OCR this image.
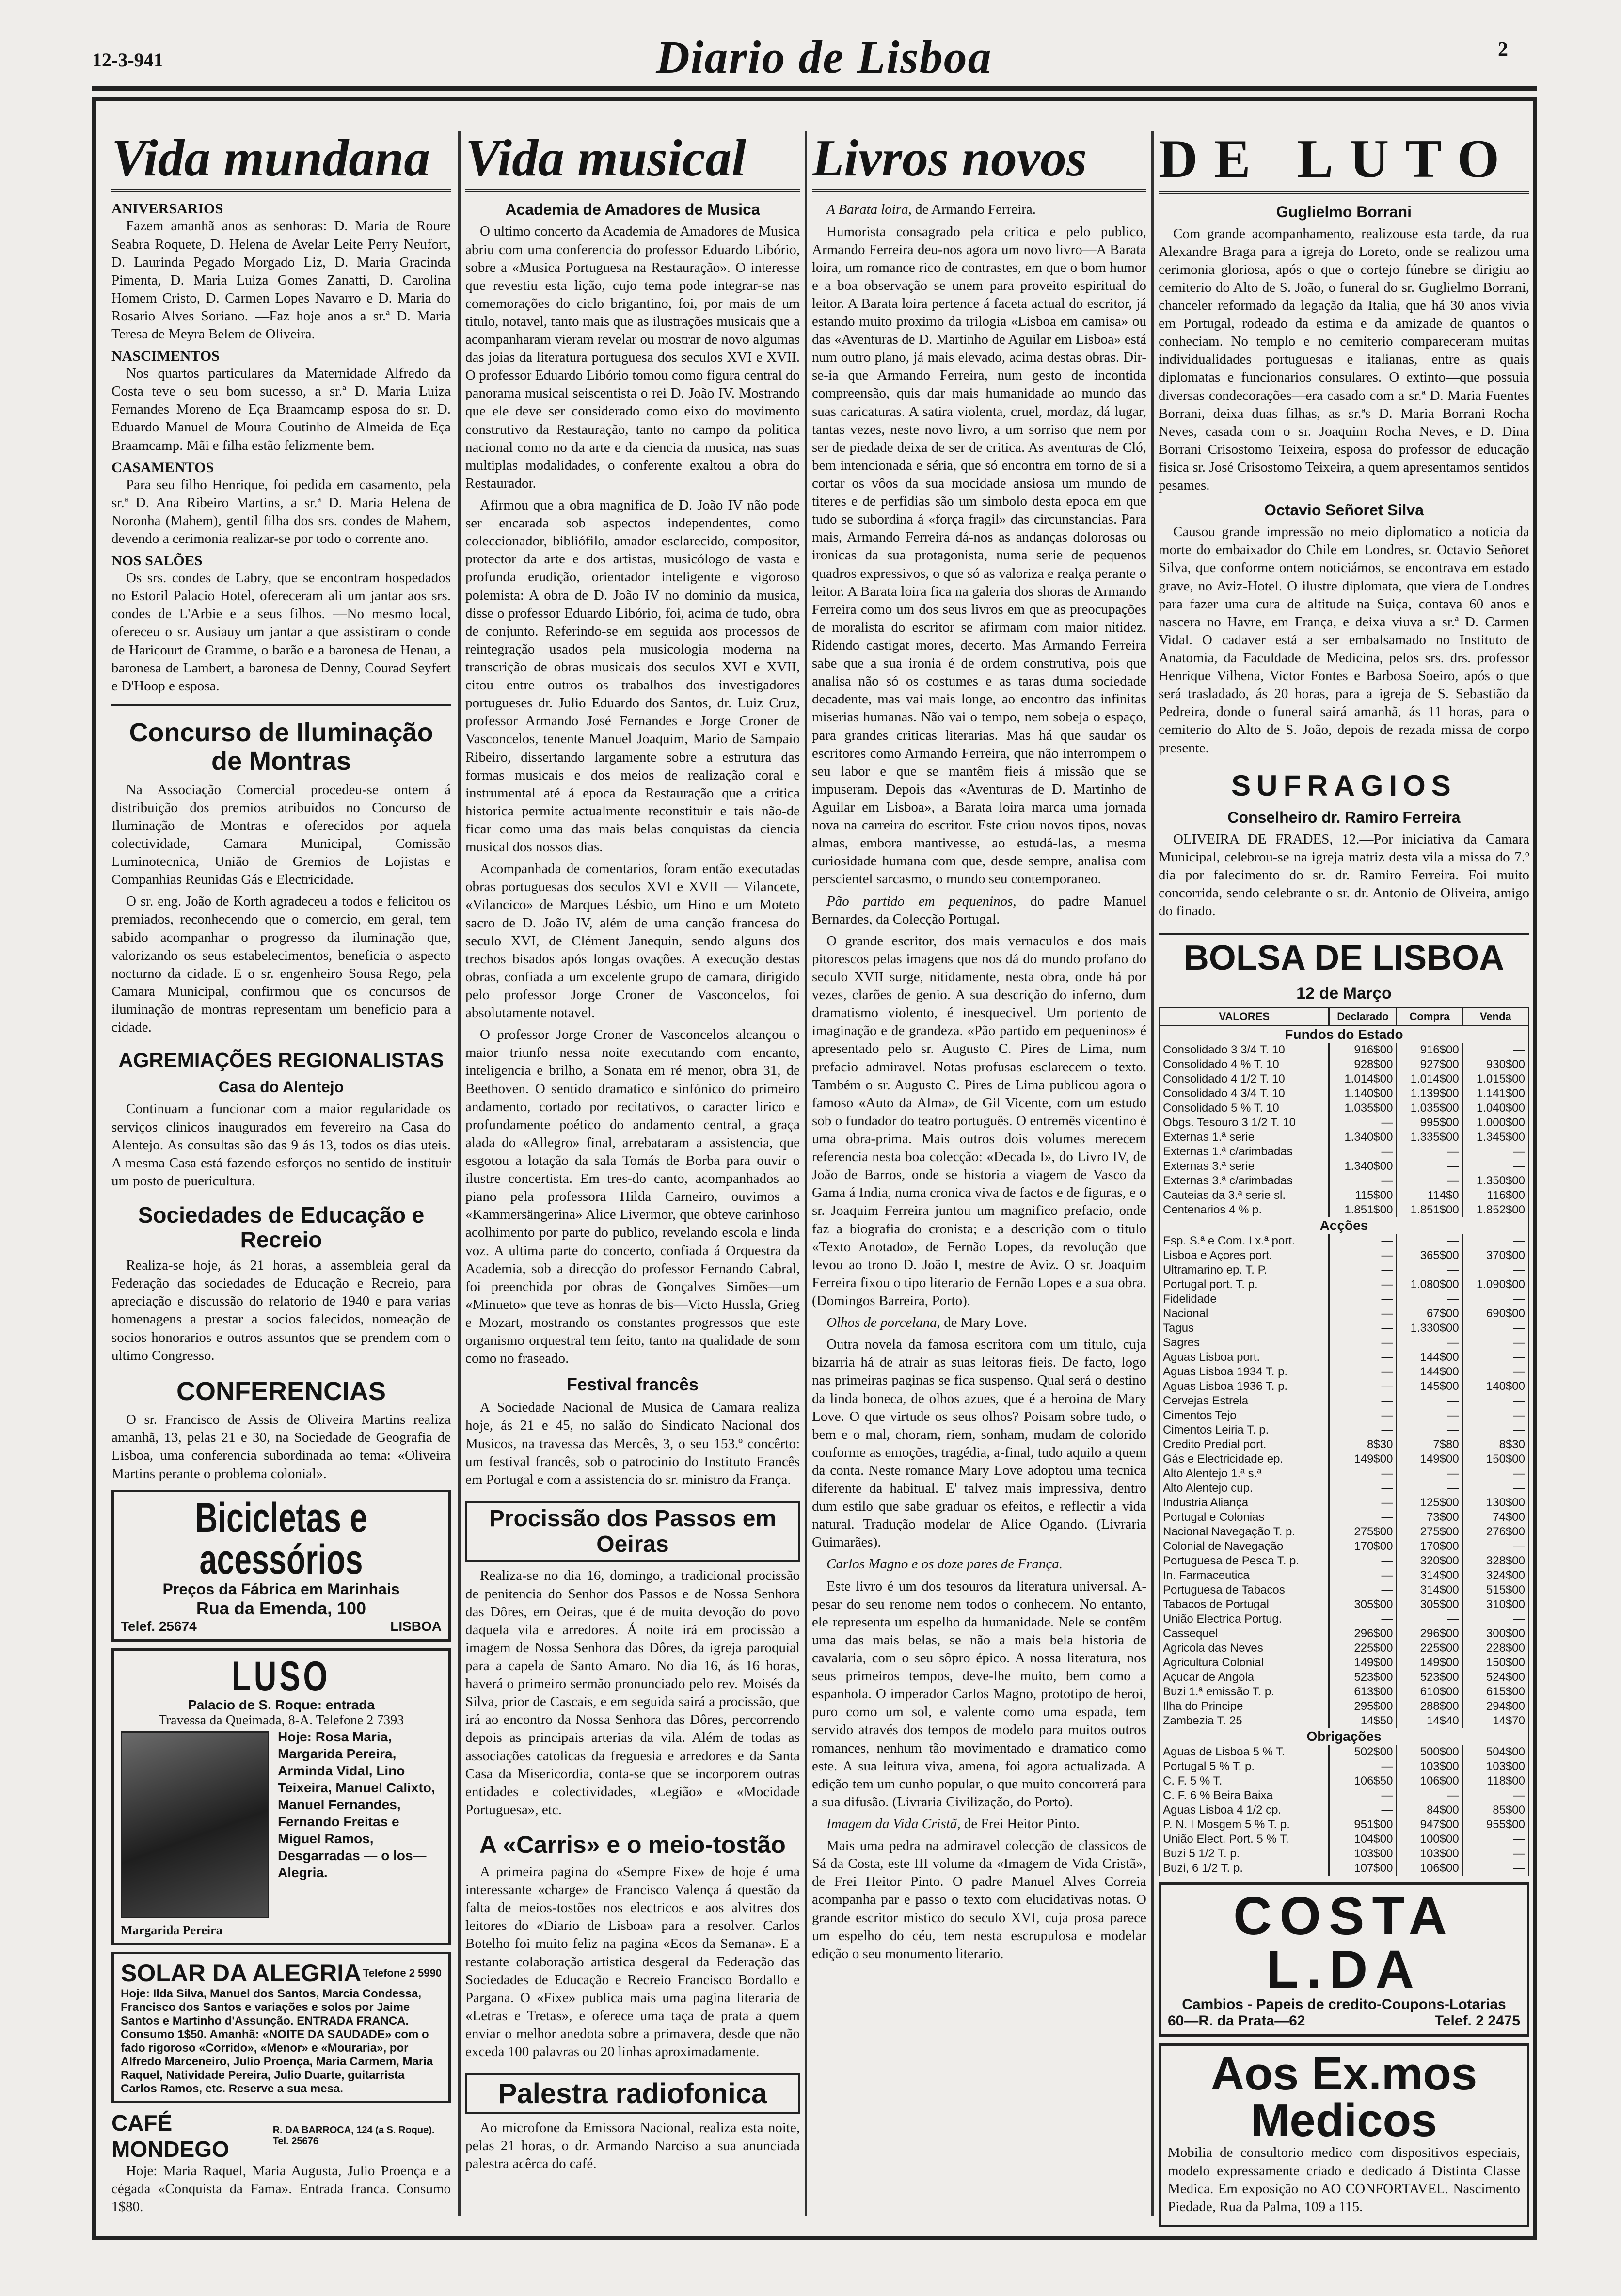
12-3-941	Diario de Lisboa	2
Vida mundana
ANIVERSARIOS

Fazem amanhã anos as senhoras: D. Maria de Roure Seabra Roquete, D. Helena de Avelar Leite Perry Neufort, D. Laurinda Pegado Morgado Liz, D. Maria Gracinda Pimenta, D. Maria Luiza Gomes Zanatti, D. Carolina Homem Cristo, D. Carmen Lopes Navarro e D. Maria do Rosario Alves Soriano. —Faz hoje anos a sr.ª D. Maria Teresa de Meyra Belem de Oliveira.

NASCIMENTOS

Nos quartos particulares da Maternidade Alfredo da Costa teve o seu bom sucesso, a sr.ª D. Maria Luiza Fernandes Moreno de Eça Braamcamp esposa do sr. D. Eduardo Manuel de Moura Coutinho de Almeida de Eça Braamcamp. Mãi e filha estão felizmente bem.

CASAMENTOS

Para seu filho Henrique, foi pedida em casamento, pela sr.ª D. Ana Ribeiro Martins, a sr.ª D. Maria Helena de Noronha (Mahem), gentil filha dos srs. condes de Mahem, devendo a cerimonia realizar-se por todo o corrente ano.

NOS SALÕES

Os srs. condes de Labry, que se encontram hospedados no Estoril Palacio Hotel, ofereceram ali um jantar aos srs. condes de L'Arbie e a seus filhos. —No mesmo local, ofereceu o sr. Ausiauy um jantar a que assistiram o conde de Haricourt de Gramme, o barão e a baronesa de Henau, a baronesa de Lambert, a baronesa de Denny, Courad Seyfert e D'Hoop e esposa.

Concurso de Iluminação de Montras

Na Associação Comercial procedeu-se ontem á distribuição dos premios atribuidos no Concurso de Iluminação de Montras e oferecidos por aquela colectividade, Camara Municipal, Comissão Luminotecnica, União de Gremios de Lojistas e Companhias Reunidas Gás e Electricidade.

O sr. eng. João de Korth agradeceu a todos e felicitou os premiados, reconhecendo que o comercio, em geral, tem sabido acompanhar o progresso da iluminação que, valorizando os seus estabelecimentos, beneficia o aspecto nocturno da cidade. E o sr. engenheiro Sousa Rego, pela Camara Municipal, confirmou que os concursos de iluminação de montras representam um beneficio para a cidade.

AGREMIAÇÕES REGIONALISTAS
Casa do Alentejo

Continuam a funcionar com a maior regularidade os serviços clinicos inaugurados em fevereiro na Casa do Alentejo. As consultas são das 9 ás 13, todos os dias uteis. A mesma Casa está fazendo esforços no sentido de instituir um posto de puericultura.

Sociedades de Educação e Recreio

Realiza-se hoje, ás 21 horas, a assembleia geral da Federação das sociedades de Educação e Recreio, para apreciação e discussão do relatorio de 1940 e para varias homenagens a prestar a socios falecidos, nomeação de socios honorarios e outros assuntos que se prendem com o ultimo Congresso.

CONFERENCIAS

O sr. Francisco de Assis de Oliveira Martins realiza amanhã, 13, pelas 21 e 30, na Sociedade de Geografia de Lisboa, uma conferencia subordinada ao tema: «Oliveira Martins perante o problema colonial».

Bicicletas e acessórios
Preços da Fábrica em Marinhais
Rua da Emenda, 100
Telef. 25674	LISBOA
LUSO
Palacio de S. Roque: entrada
Travessa da Queimada, 8-A. Telefone 2 7393
Hoje: Rosa Maria, Margarida Pereira, Arminda Vidal, Lino Teixeira, Manuel Calixto, Manuel Fernandes, Fernando Freitas e Miguel Ramos, Desgarradas — o los—Alegria.
Margarida Pereira
SOLAR DA ALEGRIA Telefone 2 5990
Hoje: Ilda Silva, Manuel dos Santos, Marcia Condessa, Francisco dos Santos e variações e solos por Jaime Santos e Martinho d'Assunção. ENTRADA FRANCA. Consumo 1$50. Amanhã: «NOITE DA SAUDADE» com o fado rigoroso «Corrido», «Menor» e «Mouraria», por Alfredo Marceneiro, Julio Proença, Maria Carmem, Maria Raquel, Natividade Pereira, Julio Duarte, guitarrista Carlos Ramos, etc. Reserve a sua mesa.
CAFÉ MONDEGO
R. DA BARROCA, 124 (a S. Roque). Tel. 25676

Hoje: Maria Raquel, Maria Augusta, Julio Proença e a cégada «Conquista da Fama». Entrada franca. Consumo 1$80.

Vida musical
Academia de Amadores de Musica

O ultimo concerto da Academia de Amadores de Musica abriu com uma conferencia do professor Eduardo Libório, sobre a «Musica Portuguesa na Restauração». O interesse que revestiu esta lição, cujo tema pode integrar-se nas comemorações do ciclo brigantino, foi, por mais de um titulo, notavel, tanto mais que as ilustrações musicais que a acompanharam vieram revelar ou mostrar de novo algumas das joias da literatura portuguesa dos seculos XVI e XVII. O professor Eduardo Libório tomou como figura central do panorama musical seiscentista o rei D. João IV. Mostrando que ele deve ser considerado como eixo do movimento construtivo da Restauração, tanto no campo da politica nacional como no da arte e da ciencia da musica, nas suas multiplas modalidades, o conferente exaltou a obra do Restaurador.

Afirmou que a obra magnifica de D. João IV não pode ser encarada sob aspectos independentes, como coleccionador, bibliófilo, amador esclarecido, compositor, protector da arte e dos artistas, musicólogo de vasta e profunda erudição, orientador inteligente e vigoroso polemista: A obra de D. João IV no dominio da musica, disse o professor Eduardo Libório, foi, acima de tudo, obra de conjunto. Referindo-se em seguida aos processos de reintegração usados pela musicologia moderna na transcrição de obras musicais dos seculos XVI e XVII, citou entre outros os trabalhos dos investigadores portugueses dr. Julio Eduardo dos Santos, dr. Luiz Cruz, professor Armando José Fernandes e Jorge Croner de Vasconcelos, tenente Manuel Joaquim, Mario de Sampaio Ribeiro, dissertando largamente sobre a estrutura das formas musicais e dos meios de realização coral e instrumental até á epoca da Restauração que a critica historica permite actualmente reconstituir e tais não-de ficar como uma das mais belas conquistas da ciencia musical dos nossos dias.

Acompanhada de comentarios, foram então executadas obras portuguesas dos seculos XVI e XVII — Vilancete, «Vilancico» de Marques Lésbio, um Hino e um Moteto sacro de D. João IV, além de uma canção francesa do seculo XVI, de Clément Janequin, sendo alguns dos trechos bisados após longas ovações. A execução destas obras, confiada a um excelente grupo de camara, dirigido pelo professor Jorge Croner de Vasconcelos, foi absolutamente notavel.

O professor Jorge Croner de Vasconcelos alcançou o maior triunfo nessa noite executando com encanto, inteligencia e brilho, a Sonata em ré menor, obra 31, de Beethoven. O sentido dramatico e sinfónico do primeiro andamento, cortado por recitativos, o caracter lirico e profundamente poético do andamento central, a graça alada do «Allegro» final, arrebataram a assistencia, que esgotou a lotação da sala Tomás de Borba para ouvir o ilustre concertista. Em tres-do canto, acompanhados ao piano pela professora Hilda Carneiro, ouvimos a «Kammersängerina» Alice Livermor, que obteve carinhoso acolhimento por parte do publico, revelando escola e linda voz. A ultima parte do concerto, confiada á Orquestra da Academia, sob a direcção do professor Fernando Cabral, foi preenchida por obras de Gonçalves Simões—um «Minueto» que teve as honras de bis—Victo Hussla, Grieg e Mozart, mostrando os constantes progressos que este organismo orquestral tem feito, tanto na qualidade de som como no fraseado.

Festival francês

A Sociedade Nacional de Musica de Camara realiza hoje, ás 21 e 45, no salão do Sindicato Nacional dos Musicos, na travessa das Mercês, 3, o seu 153.º concêrto: um festival francês, sob o patrocinio do Instituto Francês em Portugal e com a assistencia do sr. ministro da França.

Procissão dos Passos em Oeiras

Realiza-se no dia 16, domingo, a tradicional procissão de penitencia do Senhor dos Passos e de Nossa Senhora das Dôres, em Oeiras, que é de muita devoção do povo daquela vila e arredores. Á noite irá em procissão a imagem de Nossa Senhora das Dôres, da igreja paroquial para a capela de Santo Amaro. No dia 16, ás 16 horas, haverá o primeiro sermão pronunciado pelo rev. Moisés da Silva, prior de Cascais, e em seguida sairá a procissão, que irá ao encontro da Nossa Senhora das Dôres, percorrendo depois as principais arterias da vila. Além de todas as associações catolicas da freguesia e arredores e da Santa Casa da Misericordia, conta-se que se incorporem outras entidades e colectividades, «Legião» e «Mocidade Portuguesa», etc.

A «Carris» e o meio-tostão

A primeira pagina do «Sempre Fixe» de hoje é uma interessante «charge» de Francisco Valença á questão da falta de meios-tostões nos electricos e aos alvitres dos leitores do «Diario de Lisboa» para a resolver. Carlos Botelho foi muito feliz na pagina «Ecos da Semana». E a restante colaboração artistica desgeral da Federação das Sociedades de Educação e Recreio Francisco Bordallo e Pargana. O «Fixe» publica mais uma pagina literaria de «Letras e Tretas», e oferece uma taça de prata a quem enviar o melhor anedota sobre a primavera, desde que não exceda 100 palavras ou 20 linhas aproximadamente.

Palestra radiofonica

Ao microfone da Emissora Nacional, realiza esta noite, pelas 21 horas, o dr. Armando Narciso a sua anunciada palestra acêrca do café.

Livros novos

A Barata loira, de Armando Ferreira.

Humorista consagrado pela critica e pelo publico, Armando Ferreira deu-nos agora um novo livro—A Barata loira, um romance rico de contrastes, em que o bom humor e a boa observação se unem para proveito espiritual do leitor. A Barata loira pertence á faceta actual do escritor, já estando muito proximo da trilogia «Lisboa em camisa» ou das «Aventuras de D. Martinho de Aguilar em Lisboa» está num outro plano, já mais elevado, acima destas obras. Dir-se-ia que Armando Ferreira, num gesto de incontida compreensão, quis dar mais humanidade ao mundo das suas caricaturas. A satira violenta, cruel, mordaz, dá lugar, tantas vezes, neste novo livro, a um sorriso que nem por ser de piedade deixa de ser de critica. As aventuras de Cló, bem intencionada e séria, que só encontra em torno de si a cortar os vôos da sua mocidade ansiosa um mundo de titeres e de perfidias são um simbolo desta epoca em que tudo se subordina á «força fragil» das circunstancias. Para mais, Armando Ferreira dá-nos as andanças dolorosas ou ironicas da sua protagonista, numa serie de pequenos quadros expressivos, o que só as valoriza e realça perante o leitor. A Barata loira fica na galeria dos shoras de Armando Ferreira como um dos seus livros em que as preocupações de moralista do escritor se afirmam com maior nitidez. Ridendo castigat mores, decerto. Mas Armando Ferreira sabe que a sua ironia é de ordem construtiva, pois que analisa não só os costumes e as taras duma sociedade decadente, mas vai mais longe, ao encontro das infinitas miserias humanas. Não vai o tempo, nem sobeja o espaço, para grandes criticas literarias. Mas há que saudar os escritores como Armando Ferreira, que não interrompem o seu labor e que se mantêm fieis á missão que se impuseram. Depois das «Aventuras de D. Martinho de Aguilar em Lisboa», a Barata loira marca uma jornada nova na carreira do escritor. Este criou novos tipos, novas almas, embora mantivesse, ao estudá-las, a mesma curiosidade humana com que, desde sempre, analisa com perscientel sarcasmo, o mundo seu contemporaneo.

Pão partido em pequeninos, do padre Manuel Bernardes, da Colecção Portugal.

O grande escritor, dos mais vernaculos e dos mais pitorescos pelas imagens que nos dá do mundo profano do seculo XVII surge, nitidamente, nesta obra, onde há por vezes, clarões de genio. A sua descrição do inferno, dum dramatismo violento, é inesquecivel. Um portento de imaginação e de grandeza. «Pão partido em pequeninos» é apresentado pelo sr. Augusto C. Pires de Lima, num prefacio admiravel. Notas profusas esclarecem o texto. Também o sr. Augusto C. Pires de Lima publicou agora o famoso «Auto da Alma», de Gil Vicente, com um estudo sob o fundador do teatro português. O entremês vicentino é uma obra-prima. Mais outros dois volumes merecem referencia nesta boa colecção: «Decada I», do Livro IV, de João de Barros, onde se historia a viagem de Vasco da Gama á India, numa cronica viva de factos e de figuras, e o sr. Joaquim Ferreira juntou um magnifico prefacio, onde faz a biografia do cronista; e a descrição com o titulo «Texto Anotado», de Fernão Lopes, da revolução que levou ao trono D. João I, mestre de Aviz. O sr. Joaquim Ferreira fixou o tipo literario de Fernão Lopes e a sua obra. (Domingos Barreira, Porto).

Olhos de porcelana, de Mary Love.

Outra novela da famosa escritora com um titulo, cuja bizarria há de atrair as suas leitoras fieis. De facto, logo nas primeiras paginas se fica suspenso. Qual será o destino da linda boneca, de olhos azues, que é a heroina de Mary Love. O que virtude os seus olhos? Poisam sobre tudo, o bem e o mal, choram, riem, sonham, mudam de colorido conforme as emoções, tragédia, a-final, tudo aquilo a quem da conta. Neste romance Mary Love adoptou uma tecnica diferente da habitual. E' talvez mais impressiva, dentro dum estilo que sabe graduar os efeitos, e reflectir a vida natural. Tradução modelar de Alice Ogando. (Livraria Guimarães).

Carlos Magno e os doze pares de França.

Este livro é um dos tesouros da literatura universal. A-pesar do seu renome nem todos o conhecem. No entanto, ele representa um espelho da humanidade. Nele se contêm uma das mais belas, se não a mais bela historia de cavalaria, com o seu sôpro épico. A nossa literatura, nos seus primeiros tempos, deve-lhe muito, bem como a espanhola. O imperador Carlos Magno, prototipo de heroi, puro como um sol, e valente como uma espada, tem servido através dos tempos de modelo para muitos outros romances, nenhum tão movimentado e dramatico como este. A sua leitura viva, amena, foi agora actualizada. A edição tem um cunho popular, o que muito concorrerá para a sua difusão. (Livraria Civilização, do Porto).

Imagem da Vida Cristã, de Frei Heitor Pinto.

Mais uma pedra na admiravel colecção de classicos de Sá da Costa, este III volume da «Imagem de Vida Cristã», de Frei Heitor Pinto. O padre Manuel Alves Correia acompanha par e passo o texto com elucidativas notas. O grande escritor mistico do seculo XVI, cuja prosa parece um espelho do céu, tem nesta escrupulosa e modelar edição o seu monumento literario.

DE LUTO
Guglielmo Borrani

Com grande acompanhamento, realizouse esta tarde, da rua Alexandre Braga para a igreja do Loreto, onde se realizou uma cerimonia gloriosa, após o que o cortejo fúnebre se dirigiu ao cemiterio do Alto de S. João, o funeral do sr. Guglielmo Borrani, chanceler reformado da legação da Italia, que há 30 anos vivia em Portugal, rodeado da estima e da amizade de quantos o conheciam. No templo e no cemiterio compareceram muitas individualidades portuguesas e italianas, entre as quais diplomatas e funcionarios consulares. O extinto—que possuia diversas condecorações—era casado com a sr.ª D. Maria Fuentes Borrani, deixa duas filhas, as sr.ªs D. Maria Borrani Rocha Neves, casada com o sr. Joaquim Rocha Neves, e D. Dina Borrani Crisostomo Teixeira, esposa do professor de educação fisica sr. José Crisostomo Teixeira, a quem apresentamos sentidos pesames.

Octavio Señoret Silva

Causou grande impressão no meio diplomatico a noticia da morte do embaixador do Chile em Londres, sr. Octavio Señoret Silva, que conforme ontem noticiámos, se encontrava em estado grave, no Aviz-Hotel. O ilustre diplomata, que viera de Londres para fazer uma cura de altitude na Suiça, contava 60 anos e nascera no Havre, em França, e deixa viuva a sr.ª D. Carmen Vidal. O cadaver está a ser embalsamado no Instituto de Anatomia, da Faculdade de Medicina, pelos srs. drs. professor Henrique Vilhena, Victor Fontes e Barbosa Soeiro, após o que será trasladado, ás 20 horas, para a igreja de S. Sebastião da Pedreira, donde o funeral sairá amanhã, ás 11 horas, para o cemiterio do Alto de S. João, depois de rezada missa de corpo presente.

SUFRAGIOS
Conselheiro dr. Ramiro Ferreira

OLIVEIRA DE FRADES, 12.—Por iniciativa da Camara Municipal, celebrou-se na igreja matriz desta vila a missa do 7.º dia por falecimento do sr. dr. Ramiro Ferreira. Foi muito concorrida, sendo celebrante o sr. dr. Antonio de Oliveira, amigo do finado.

BOLSA DE LISBOA
12 de Março
VALORES	Declarado	Compra	Venda
Fundos do Estado			
Consolidado 3 3/4 T. 10	916$00	916$00	—
Consolidado 4 % T. 10	928$00	927$00	930$00
Consolidado 4 1/2 T. 10	1.014$00	1.014$00	1.015$00
Consolidado 4 3/4 T. 10	1.140$00	1.139$00	1.141$00
Consolidado 5 % T. 10	1.035$00	1.035$00	1.040$00
Obgs. Tesouro 3 1/2 T. 10	—	995$00	1.000$00
Externas 1.ª serie	1.340$00	1.335$00	1.345$00
Externas 1.ª c/arimbadas	—	—	—
Externas 3.ª serie	1.340$00	—	—
Externas 3.ª c/arimbadas	—	—	1.350$00
Cauteias da 3.ª serie sl.	115$00	114$0	116$00
Centenarios 4 % p.	1.851$00	1.851$00	1.852$00
Acções			
Esp. S.ª e Com. Lx.ª port.	—	—	—
Lisboa e Açores port.	—	365$00	370$00
Ultramarino ep. T. P.	—	—	—
Portugal port. T. p.	—	1.080$00	1.090$00
Fidelidade	—	—	—
Nacional	—	67$00	690$00
Tagus	—	1.330$00	—
Sagres	—	—	—
Aguas Lisboa port.	—	144$00	—
Aguas Lisboa 1934 T. p.	—	144$00	—
Aguas Lisboa 1936 T. p.	—	145$00	140$00
Cervejas Estrela	—	—	—
Cimentos Tejo	—	—	—
Cimentos Leiria T. p.	—	—	—
Credito Predial port.	8$30	7$80	8$30
Gás e Electricidade ep.	149$00	149$00	150$00
Alto Alentejo 1.ª s.ª	—	—	—
Alto Alentejo cup.	—	—	—
Industria Aliança	—	125$00	130$00
Portugal e Colonias	—	73$00	74$00
Nacional Navegação T. p.	275$00	275$00	276$00
Colonial de Navegação	170$00	170$00	—
Portuguesa de Pesca T. p.	—	320$00	328$00
In. Farmaceutica	—	314$00	324$00
Portuguesa de Tabacos	—	314$00	515$00
Tabacos de Portugal	305$00	305$00	310$00
União Electrica Portug.	—	—	—
Cassequel	296$00	296$00	300$00
Agricola das Neves	225$00	225$00	228$00
Agricultura Colonial	149$00	149$00	150$00
Açucar de Angola	523$00	523$00	524$00
Buzi 1.ª emissão T. p.	613$00	610$00	615$00
Ilha do Principe	295$00	288$00	294$00
Zambezia T. 25	14$50	14$40	14$70
Obrigações			
Aguas de Lisboa 5 % T.	502$00	500$00	504$00
Portugal 5 % T. p.	—	103$00	103$00
C. F. 5 % T.	106$50	106$00	118$00
C. F. 6 % Beira Baixa	—	—	—
Aguas Lisboa 4 1/2 cp.	—	84$00	85$00
P. N. I Mosgem 5 % T. p.	951$00	947$00	955$00
União Elect. Port. 5 % T.	104$00	100$00	—
Buzi 5 1/2 T. p.	103$00	103$00	—
Buzi, 6 1/2 T. p.	107$00	106$00	—
COSTA L.DA
Cambios - Papeis de credito-Coupons-Lotarias
60—R. da Prata—62	Telef. 2 2475
Aos Ex.mos Medicos

Mobilia de consultorio medico com dispositivos especiais, modelo expressamente criado e dedicado á Distinta Classe Medica. Em exposição no AO CONFORTAVEL. Nascimento Piedade, Rua da Palma, 109 a 115.
